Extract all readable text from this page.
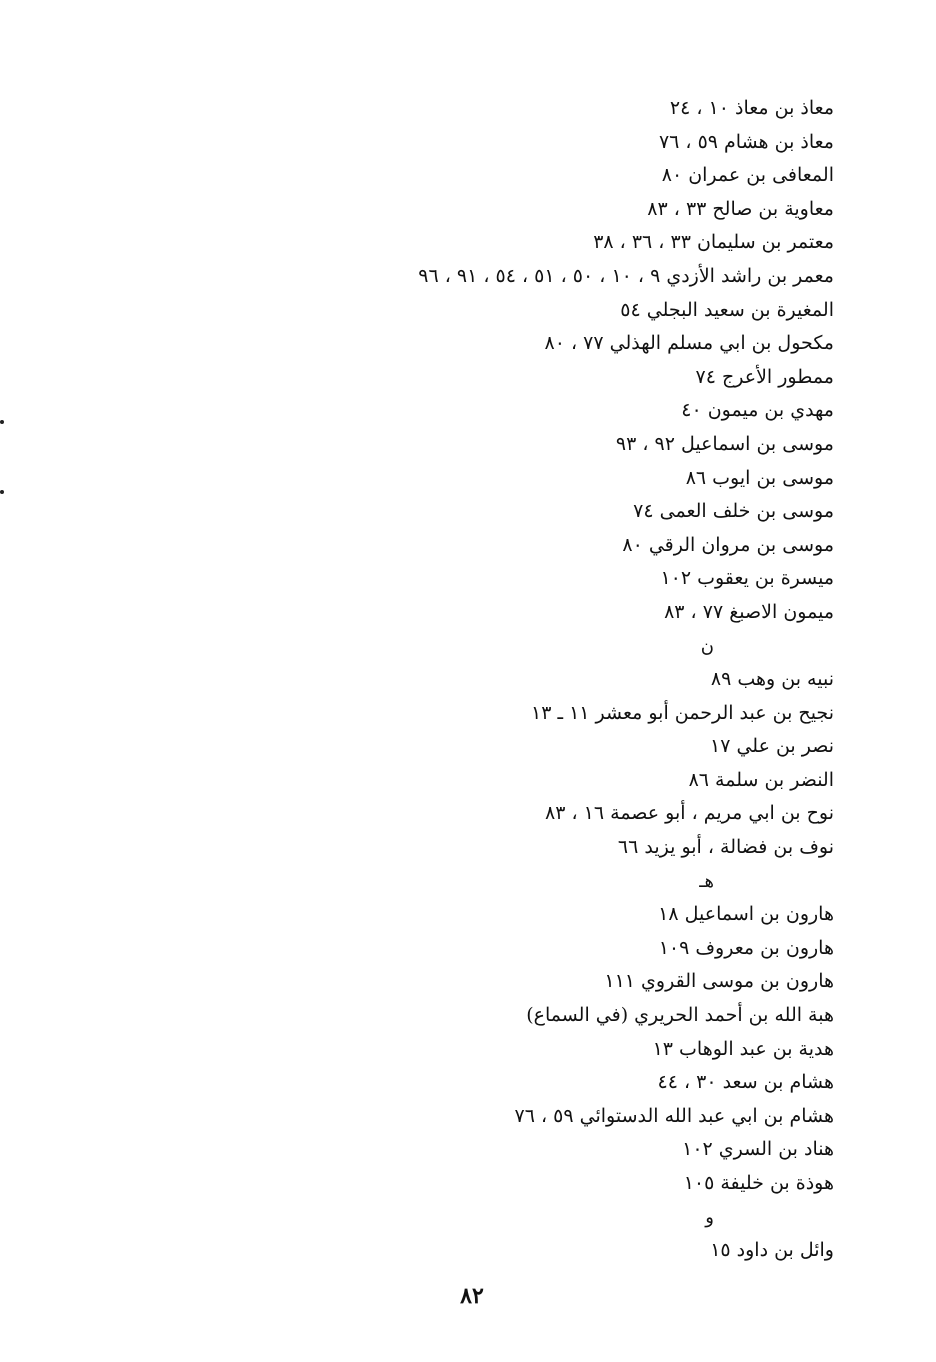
معاذ بن معاذ ١٠ ، ٢٤
معاذ بن هشام ٥٩ ، ٧٦
المعافى بن عمران ٨٠
معاوية بن صالح ٣٣ ، ٨٣
معتمر بن سليمان ٣٣ ، ٣٦ ، ٣٨
معمر بن راشد الأزدي ٩ ، ١٠ ، ٥٠ ، ٥١ ، ٥٤ ، ٩١ ، ٩٦
المغيرة بن سعيد البجلي ٥٤
مكحول بن ابي مسلم الهذلي ٧٧ ، ٨٠
ممطور الأعرج ٧٤
مهدي بن ميمون ٤٠
موسى بن اسماعيل ٩٢ ، ٩٣
موسى بن ايوب ٨٦
موسى بن خلف العمى ٧٤
موسى بن مروان الرقي ٨٠
ميسرة بن يعقوب ١٠٢
ميمون الاصبغ ٧٧ ، ٨٣
ن
نبيه بن وهب ٨٩
نجيح بن عبد الرحمن أبو معشر ١١ ـ ١٣
نصر بن علي ١٧
النضر بن سلمة ٨٦
نوح بن ابي مريم ، أبو عصمة ١٦ ، ٨٣
نوف بن فضالة ، أبو يزيد ٦٦
هـ
هارون بن اسماعيل ١٨
هارون بن معروف ١٠٩
هارون بن موسى القروي ١١١
هبة الله بن أحمد الحريري (في السماع)
هدية بن عبد الوهاب ١٣
هشام بن سعد ٣٠ ، ٤٤
هشام بن ابي عبد الله الدستوائي ٥٩ ، ٧٦
هناد بن السري ١٠٢
هوذة بن خليفة ١٠٥
و
وائل بن داود ١٥
٨٢
